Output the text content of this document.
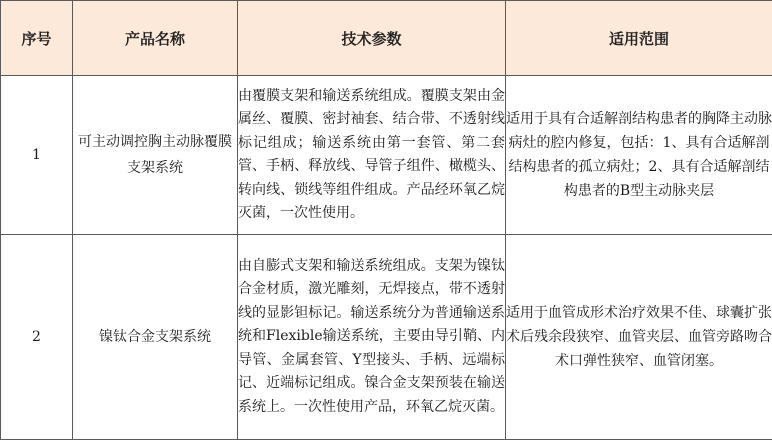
序号	产品名称	技术参数	适用范围
1	可主动调控胸主动脉覆膜支架系统	由覆膜支架和输送系统组成。覆膜支架由金属丝、覆膜、密封袖套、结合带、不透射线标记组成；输送系统由第一套管、第二套管、手柄、释放线、导管子组件、橄榄头、转向线、锁线等组件组成。产品经环氧乙烷灭菌，一次性使用。	适用于具有合适解剖结构患者的胸降主动脉病灶的腔内修复，包括：1、具有合适解剖结构患者的孤立病灶；2、具有合适解剖结构患者的B型主动脉夹层
2	镍钛合金支架系统	由自膨式支架和输送系统组成。支架为镍钛合金材质，激光雕刻，无焊接点，带不透射线的显影钽标记。输送系统分为普通输送系统和Flexible输送系统，主要由导引鞘、内导管、金属套管、Y型接头、手柄、远端标记、近端标记组成。镍合金支架预装在输送系统上。一次性使用产品，环氧乙烷灭菌。	适用于血管成形术治疗效果不佳、球囊扩张术后残余段狭窄、血管夹层、血管旁路吻合术口弹性狭窄、血管闭塞。
